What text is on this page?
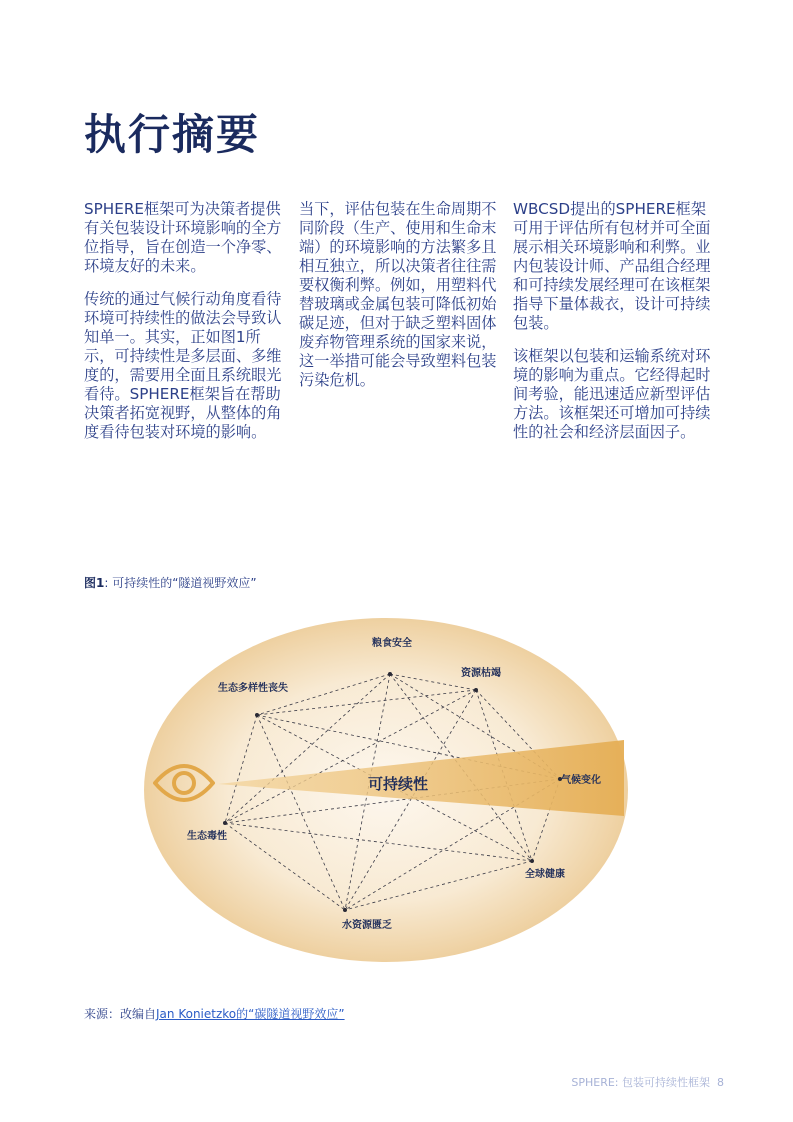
执行摘要

SPHERE框架可为决策者提供有关包装设计环境影响的全方位指导，旨在创造一个净零、环境友好的未来。

传统的通过气候行动角度看待环境可持续性的做法会导致认知单一。其实，正如图1所示，可持续性是多层面、多维度的，需要用全面且系统眼光看待。SPHERE框架旨在帮助决策者拓宽视野，从整体的角度看待包装对环境的影响。

当下，评估包装在生命周期不同阶段（生产、使用和生命末端）的环境影响的方法繁多且相互独立，所以决策者往往需要权衡利弊。例如，用塑料代替玻璃或金属包装可降低初始碳足迹，但对于缺乏塑料固体废弃物管理系统的国家来说，这一举措可能会导致塑料包装污染危机。

WBCSD提出的SPHERE框架可用于评估所有包材并可全面展示相关环境影响和利弊。业内包装设计师、产品组合经理和可持续发展经理可在该框架指导下量体裁衣，设计可持续包装。

该框架以包装和运输系统对环境的影响为重点。它经得起时间考验，能迅速适应新型评估方法。该框架还可增加可持续性的社会和经济层面因子。

图1: 可持续性的“隧道视野效应”
可持续性
粮食安全
资源枯竭
生态多样性丧失
气候变化
生态毒性
全球健康
水资源匮乏
来源：改编自Jan Konietzko的“碳隧道视野效应”
SPHERE: 包装可持续性框架 8
